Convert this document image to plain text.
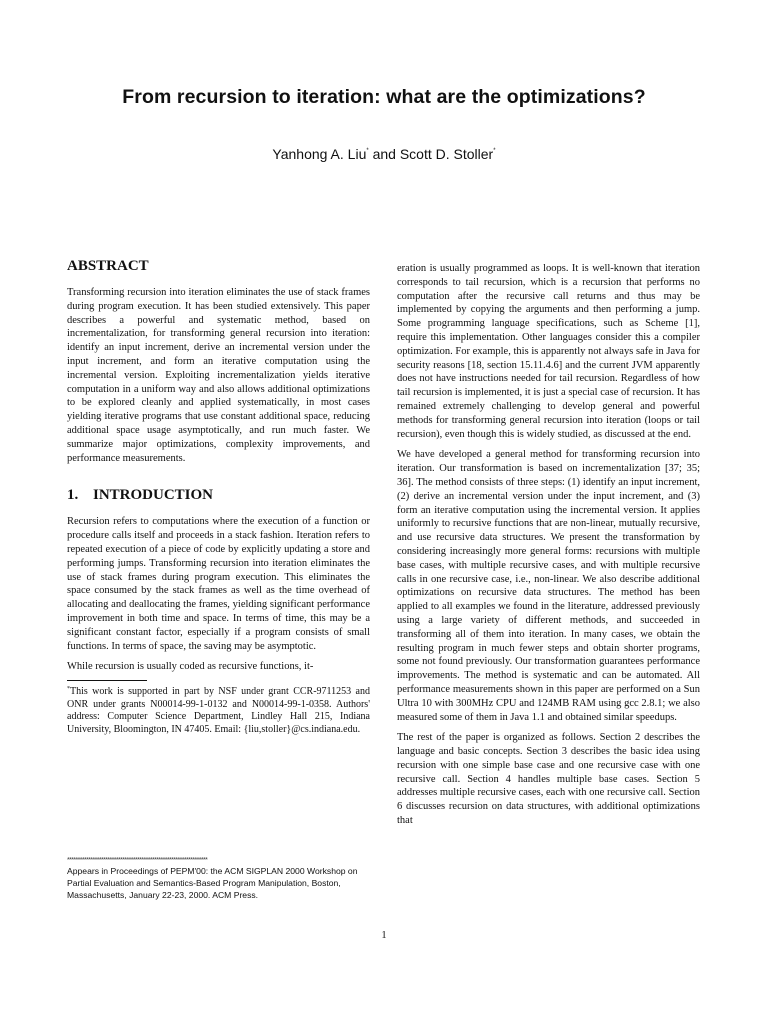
From recursion to iteration: what are the optimizations?
Yanhong A. Liu* and Scott D. Stoller*
ABSTRACT

Transforming recursion into iteration eliminates the use of stack frames during program execution. It has been studied extensively. This paper describes a powerful and systematic method, based on incrementalization, for transforming general recursion into iteration: identify an input increment, derive an incremental version under the input increment, and form an iterative computation using the incremental version. Exploiting incrementalization yields iterative computation in a uniform way and also allows additional optimizations to be explored cleanly and applied systematically, in most cases yielding iterative programs that use constant additional space, reducing additional space usage asymptotically, and run much faster. We summarize major optimizations, complexity improvements, and performance measurements.

1. INTRODUCTION

Recursion refers to computations where the execution of a function or procedure calls itself and proceeds in a stack fashion. Iteration refers to repeated execution of a piece of code by explicitly updating a store and performing jumps. Transforming recursion into iteration eliminates the use of stack frames during program execution. This eliminates the space consumed by the stack frames as well as the time overhead of allocating and deallocating the frames, yielding significant performance improvement in both time and space. In terms of time, this may be a significant constant factor, especially if a program consists of small functions. In terms of space, the saving may be asymptotic.

While recursion is usually coded as recursive functions, it-

*This work is supported in part by NSF under grant CCR-9711253 and ONR under grants N00014-99-1-0132 and N00014-99-1-0358. Authors' address: Computer Science Department, Lindley Hall 215, Indiana University, Bloomington, IN 47405. Email: {liu,stoller}@cs.indiana.edu.

******************************************************************
Appears in Proceedings of PEPM'00: the ACM SIGPLAN 2000 Workshop on Partial Evaluation and Semantics-Based Program Manipulation, Boston, Massachusetts, January 22-23, 2000. ACM Press.

eration is usually programmed as loops. It is well-known that iteration corresponds to tail recursion, which is a recursion that performs no computation after the recursive call returns and thus may be implemented by copying the arguments and then performing a jump. Some programming language specifications, such as Scheme [1], require this implementation. Other languages consider this a compiler optimization. For example, this is apparently not always safe in Java for security reasons [18, section 15.11.4.6] and the current JVM apparently does not have instructions needed for tail recursion. Regardless of how tail recursion is implemented, it is just a special case of recursion. It has remained extremely challenging to develop general and powerful methods for transforming general recursion into iteration (loops or tail recursion), even though this is widely studied, as discussed at the end.

We have developed a general method for transforming recursion into iteration. Our transformation is based on incrementalization [37; 35; 36]. The method consists of three steps: (1) identify an input increment, (2) derive an incremental version under the input increment, and (3) form an iterative computation using the incremental version. It applies uniformly to recursive functions that are non-linear, mutually recursive, and use recursive data structures. We present the transformation by considering increasingly more general forms: recursions with multiple base cases, with multiple recursive cases, and with multiple recursive calls in one recursive case, i.e., non-linear. We also describe additional optimizations on recursive data structures. The method has been applied to all examples we found in the literature, addressed previously using a large variety of different methods, and succeeded in transforming all of them into iteration. In many cases, we obtain the resulting program in much fewer steps and obtain shorter programs, some not found previously. Our transformation guarantees performance improvements. The method is systematic and can be automated. All performance measurements shown in this paper are performed on a Sun Ultra 10 with 300MHz CPU and 124MB RAM using gcc 2.8.1; we also measured some of them in Java 1.1 and obtained similar speedups.

The rest of the paper is organized as follows. Section 2 describes the language and basic concepts. Section 3 describes the basic idea using recursion with one simple base case and one recursive case with one recursive call. Section 4 handles multiple base cases. Section 5 addresses multiple recursive cases, each with one recursive call. Section 6 discusses recursion on data structures, with additional optimizations that

1
